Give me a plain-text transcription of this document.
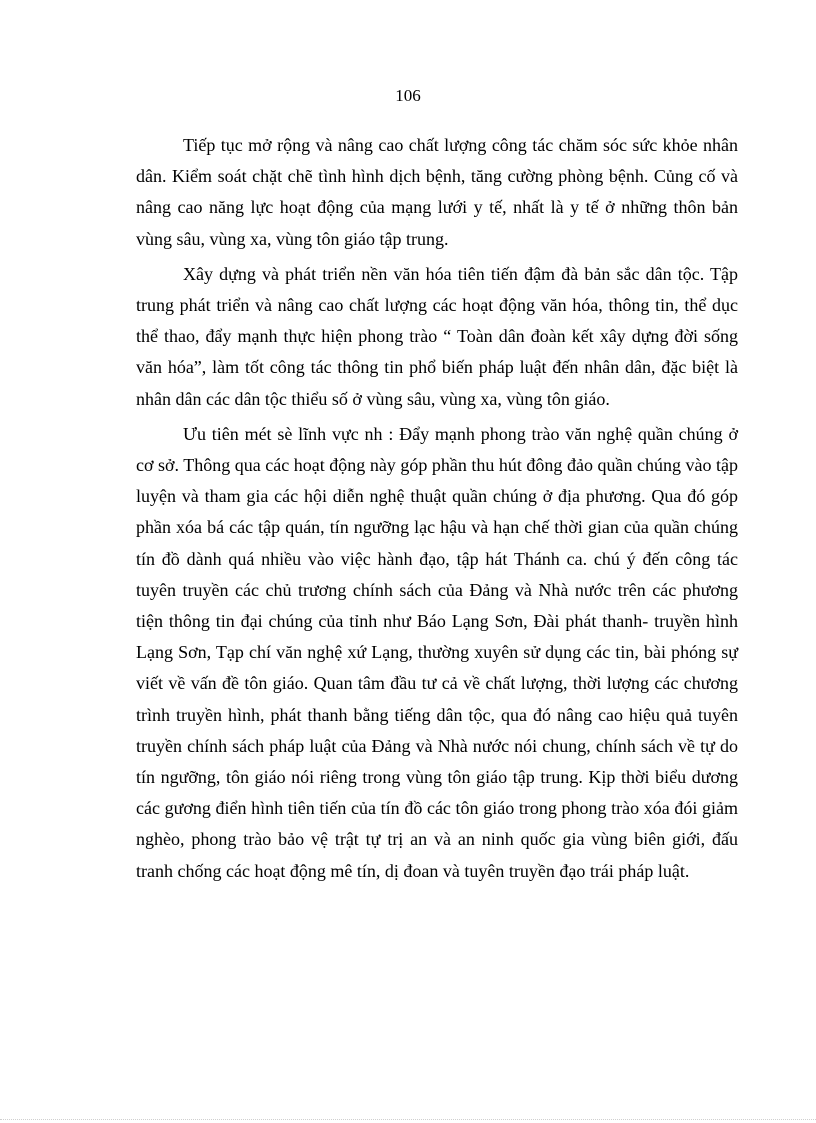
106

Tiếp tục mở rộng và nâng cao chất lượng công tác chăm sóc sức khỏe nhân dân. Kiểm soát chặt chẽ tình hình dịch bệnh, tăng cường phòng bệnh. Củng cố và nâng cao năng lực hoạt động của mạng lưới y tế, nhất là y tế ở những thôn bản vùng sâu, vùng xa, vùng tôn giáo tập trung.

Xây dựng và phát triển nền văn hóa tiên tiến đậm đà bản sắc dân tộc. Tập trung phát triển và nâng cao chất lượng các hoạt động văn hóa, thông tin, thể dục thể thao, đẩy mạnh thực hiện phong trào “ Toàn dân đoàn kết xây dựng đời sống văn hóa”, làm tốt công tác thông tin phổ biến pháp luật đến nhân dân, đặc biệt là nhân dân các dân tộc thiểu số ở vùng sâu, vùng xa, vùng tôn giáo.

Ưu tiên mét sè lĩnh vực nh : Đẩy mạnh phong trào văn nghệ quần chúng ở cơ sở. Thông qua các hoạt động này góp phần thu hút đông đảo quần chúng vào tập luyện và tham gia các hội diễn nghệ thuật quần chúng ở địa phương. Qua đó góp phần xóa bá các tập quán, tín ngưỡng lạc hậu và hạn chế thời gian của quần chúng tín đồ dành quá nhiều vào việc hành đạo, tập hát Thánh ca. chú ý đến công tác tuyên truyền các chủ trương chính sách của Đảng và Nhà nước trên các phương tiện thông tin đại chúng của tỉnh như Báo Lạng Sơn, Đài phát thanh- truyền hình Lạng Sơn, Tạp chí văn nghệ xứ Lạng, thường xuyên sử dụng các tin, bài phóng sự viết về vấn đề tôn giáo. Quan tâm đầu tư cả về chất lượng, thời lượng các chương trình truyền hình, phát thanh bằng tiếng dân tộc, qua đó nâng cao hiệu quả tuyên truyền chính sách pháp luật của Đảng và Nhà nước nói chung, chính sách về tự do tín ngưỡng, tôn giáo nói riêng trong vùng tôn giáo tập trung. Kịp thời biểu dương các gương điển hình tiên tiến của tín đồ các tôn giáo trong phong trào xóa đói giảm nghèo, phong trào bảo vệ trật tự trị an và an ninh quốc gia vùng biên giới, đấu tranh chống các hoạt động mê tín, dị đoan và tuyên truyền đạo trái pháp luật.
